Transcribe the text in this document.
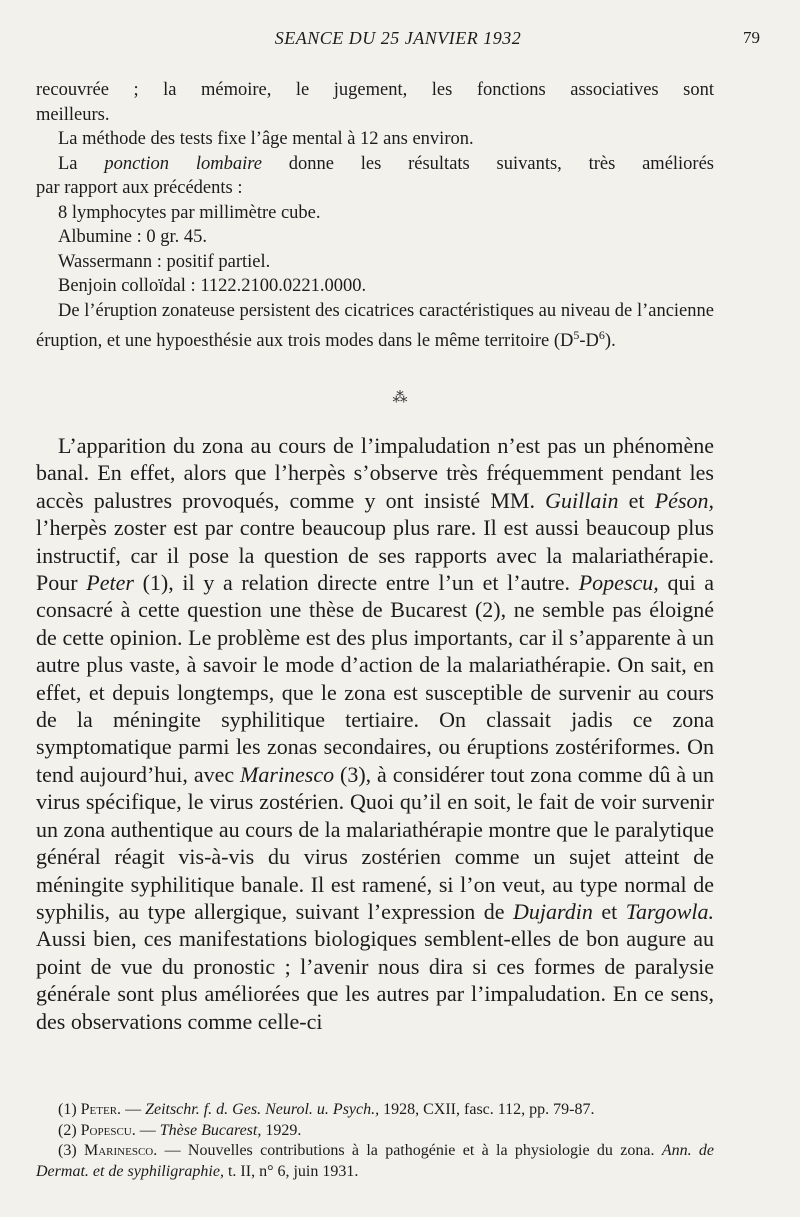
SEANCE DU 25 JANVIER 1932	79

recouvrée ; la mémoire, le jugement, les fonctions associatives sont

meilleurs.

La méthode des tests fixe l’âge mental à 12 ans environ.

La ponction lombaire donne les résultats suivants, très améliorés

par rapport aux précédents :

8 lymphocytes par millimètre cube.

Albumine : 0 gr. 45.

Wassermann : positif partiel.

Benjoin colloïdal : 1122.2100.0221.0000.

De l’éruption zonateuse persistent des cicatrices caractéristiques au niveau de l’ancienne éruption, et une hypoesthésie aux trois modes dans le même territoire $(D^5-D^6)$.

⁂

L’apparition du zona au cours de l’impaludation n’est pas un phénomène banal. En effet, alors que l’herpès s’observe très fréquemment pendant les accès palustres provoqués, comme y ont insisté MM. Guillain et Péson, l’herpès zoster est par contre beaucoup plus rare. Il est aussi beaucoup plus instructif, car il pose la question de ses rapports avec la malariathérapie. Pour Peter (1), il y a relation directe entre l’un et l’autre. Popescu, qui a consacré à cette question une thèse de Bucarest (2), ne semble pas éloigné de cette opinion. Le problème est des plus importants, car il s’apparente à un autre plus vaste, à savoir le mode d’action de la malariathérapie. On sait, en effet, et depuis longtemps, que le zona est susceptible de survenir au cours de la méningite syphilitique tertiaire. On classait jadis ce zona symptomatique parmi les zonas secondaires, ou éruptions zostériformes. On tend aujourd’hui, avec Marinesco (3), à considérer tout zona comme dû à un virus spécifique, le virus zostérien. Quoi qu’il en soit, le fait de voir survenir un zona authentique au cours de la malariathérapie montre que le paralytique général réagit vis-à-vis du virus zostérien comme un sujet atteint de méningite syphilitique banale. Il est ramené, si l’on veut, au type normal de syphilis, au type allergique, suivant l’expression de Dujardin et Targowla. Aussi bien, ces manifestations biologiques semblent-elles de bon augure au point de vue du pronostic ; l’avenir nous dira si ces formes de paralysie générale sont plus améliorées que les autres par l’impaludation. En ce sens, des observations comme celle-ci

(1) Peter. — Zeitschr. f. d. Ges. Neurol. u. Psych., 1928, CXII, fasc. 112, pp. 79-87.

(2) Popescu. — Thèse Bucarest, 1929.

(3) Marinesco. — Nouvelles contributions à la pathogénie et à la physiologie du zona. Ann. de Dermat. et de syphiligraphie, t. II, n° 6, juin 1931.
